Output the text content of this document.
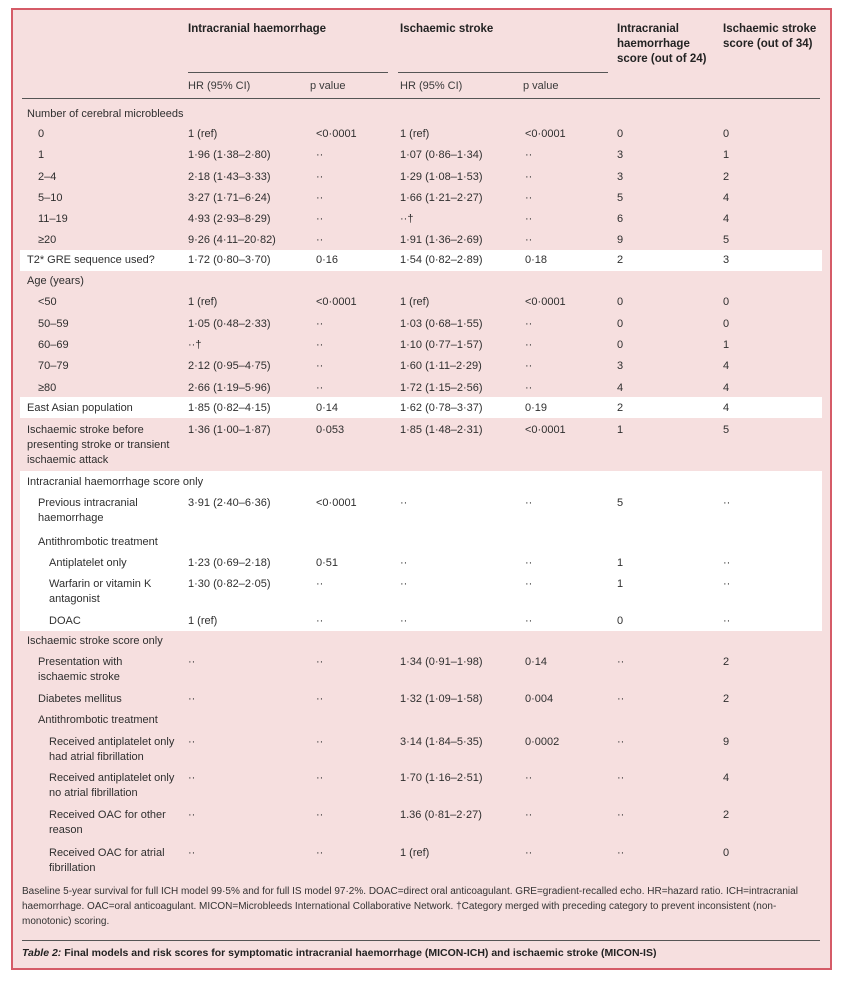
Intracranial haemorrhage	Ischaemic stroke	Intracranial
haemorrhage
score (out of 24)
Ischaemic stroke
score (out of 34)
HR (95% CI)	p value	HR (95% CI)	p value
Number of cerebral microbleeds
0	1 (ref)	<0·0001	1 (ref)	<0·0001	0	0
1	1·96 (1·38–2·80)	··	1·07 (0·86–1·34)	··	3	1
2–4	2·18 (1·43–3·33)	··	1·29 (1·08–1·53)	··	3	2
5–10	3·27 (1·71–6·24)	··	1·66 (1·21–2·27)	··	5	4
11–19	4·93 (2·93–8·29)	··	··†	··	6	4
≥20	9·26 (4·11–20·82)	··	1·91 (1·36–2·69)	··	9	5
T2* GRE sequence used?	1·72 (0·80–3·70)	0·16	1·54 (0·82–2·89)	0·18	2	3
Age (years)
<50	1 (ref)	<0·0001	1 (ref)	<0·0001	0	0
50–59	1·05 (0·48–2·33)	··	1·03 (0·68–1·55)	··	0	0
60–69	··†	··	1·10 (0·77–1·57)	··	0	1
70–79	2·12 (0·95–4·75)	··	1·60 (1·11–2·29)	··	3	4
≥80	2·66 (1·19–5·96)	··	1·72 (1·15–2·56)	··	4	4
East Asian population	1·85 (0·82–4·15)	0·14	1·62 (0·78–3·37)	0·19	2	4
Ischaemic stroke before
presenting stroke or transient
ischaemic attack
1·36 (1·00–1·87)	0·053	1·85 (1·48–2·31)	<0·0001	1	5
Intracranial haemorrhage score only
Previous intracranial
haemorrhage
3·91 (2·40–6·36)	<0·0001	··	··	5	··
Antithrombotic treatment
Antiplatelet only	1·23 (0·69–2·18)	0·51	··	··	1	··
Warfarin or vitamin K
antagonist
1·30 (0·82–2·05)	··	··	··	1	··
DOAC	1 (ref)	··	··	··	0	··
Ischaemic stroke score only
Presentation with
ischaemic stroke
··	··	1·34 (0·91–1·98)	0·14	··	2
Diabetes mellitus	··	··	1·32 (1·09–1·58)	0·004	··	2
Antithrombotic treatment
Received antiplatelet only
had atrial fibrillation
··	··	3·14 (1·84–5·35)	0·0002	··	9
Received antiplatelet only
no atrial fibrillation
··	··	1·70 (1·16–2·51)	··	··	4
Received OAC for other
reason
··	··	1.36 (0·81–2·27)	··	··	2
Received OAC for atrial
fibrillation
··	··	1 (ref)	··	··	0
Baseline 5-year survival for full ICH model 99·5% and for full IS model 97·2%. DOAC=direct oral anticoagulant. GRE=gradient-recalled echo. HR=hazard ratio. ICH=intracranial haemorrhage. OAC=oral anticoagulant. MICON=Microbleeds International Collaborative Network. †Category merged with preceding category to prevent inconsistent (non-monotonic) scoring.
Table 2: Final models and risk scores for symptomatic intracranial haemorrhage (MICON-ICH) and ischaemic stroke (MICON-IS)
